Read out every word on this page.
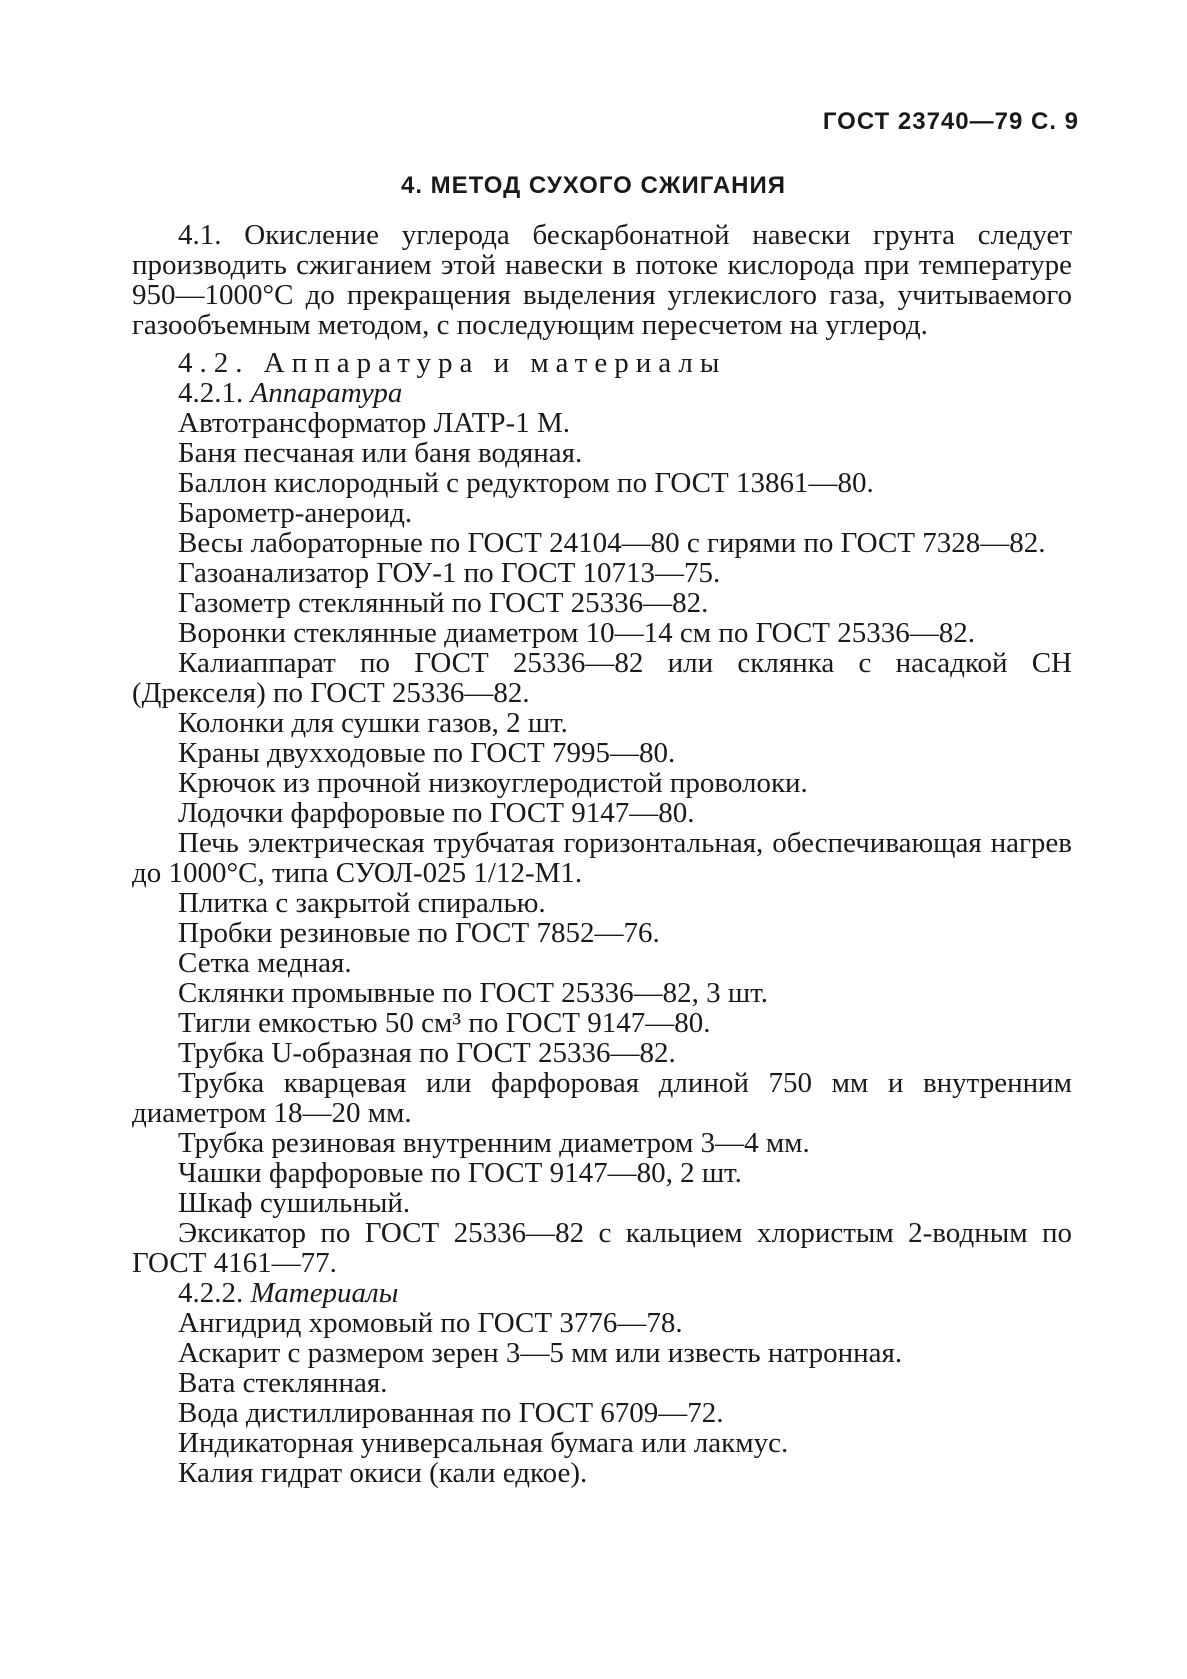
ГОСТ 23740—79 С. 9
4. МЕТОД СУХОГО СЖИГАНИЯ
4.1. Окисление углерода бескарбонатной навески грунта следует производить сжиганием этой навески в потоке кислорода при температуре 950—1000°С до прекращения выделения углекислого газа, учитываемого газообъемным методом, с последующим пересчетом на углерод.
4.2. Аппаратура и материалы
4.2.1. Аппаратура
Автотрансформатор ЛАТР-1 М.
Баня песчаная или баня водяная.
Баллон кислородный с редуктором по ГОСТ 13861—80.
Барометр-анероид.
Весы лабораторные по ГОСТ 24104—80 с гирями по ГОСТ 7328—82.
Газоанализатор ГОУ-1 по ГОСТ 10713—75.
Газометр стеклянный по ГОСТ 25336—82.
Воронки стеклянные диаметром 10—14 см по ГОСТ 25336—82.
Калиаппарат по ГОСТ 25336—82 или склянка с насадкой СН (Дрекселя) по ГОСТ 25336—82.
Колонки для сушки газов, 2 шт.
Краны двухходовые по ГОСТ 7995—80.
Крючок из прочной низкоуглеродистой проволоки.
Лодочки фарфоровые по ГОСТ 9147—80.
Печь электрическая трубчатая горизонтальная, обеспечивающая нагрев до 1000°С, типа СУОЛ-025 1/12-М1.
Плитка с закрытой спиралью.
Пробки резиновые по ГОСТ 7852—76.
Сетка медная.
Склянки промывные по ГОСТ 25336—82, 3 шт.
Тигли емкостью 50 см³ по ГОСТ 9147—80.
Трубка U-образная по ГОСТ 25336—82.
Трубка кварцевая или фарфоровая длиной 750 мм и внутренним диаметром 18—20 мм.
Трубка резиновая внутренним диаметром 3—4 мм.
Чашки фарфоровые по ГОСТ 9147—80, 2 шт.
Шкаф сушильный.
Эксикатор по ГОСТ 25336—82 с кальцием хлористым 2-водным по ГОСТ 4161—77.
4.2.2. Материалы
Ангидрид хромовый по ГОСТ 3776—78.
Аскарит с размером зерен 3—5 мм или известь натронная.
Вата стеклянная.
Вода дистиллированная по ГОСТ 6709—72.
Индикаторная универсальная бумага или лакмус.
Калия гидрат окиси (кали едкое).
